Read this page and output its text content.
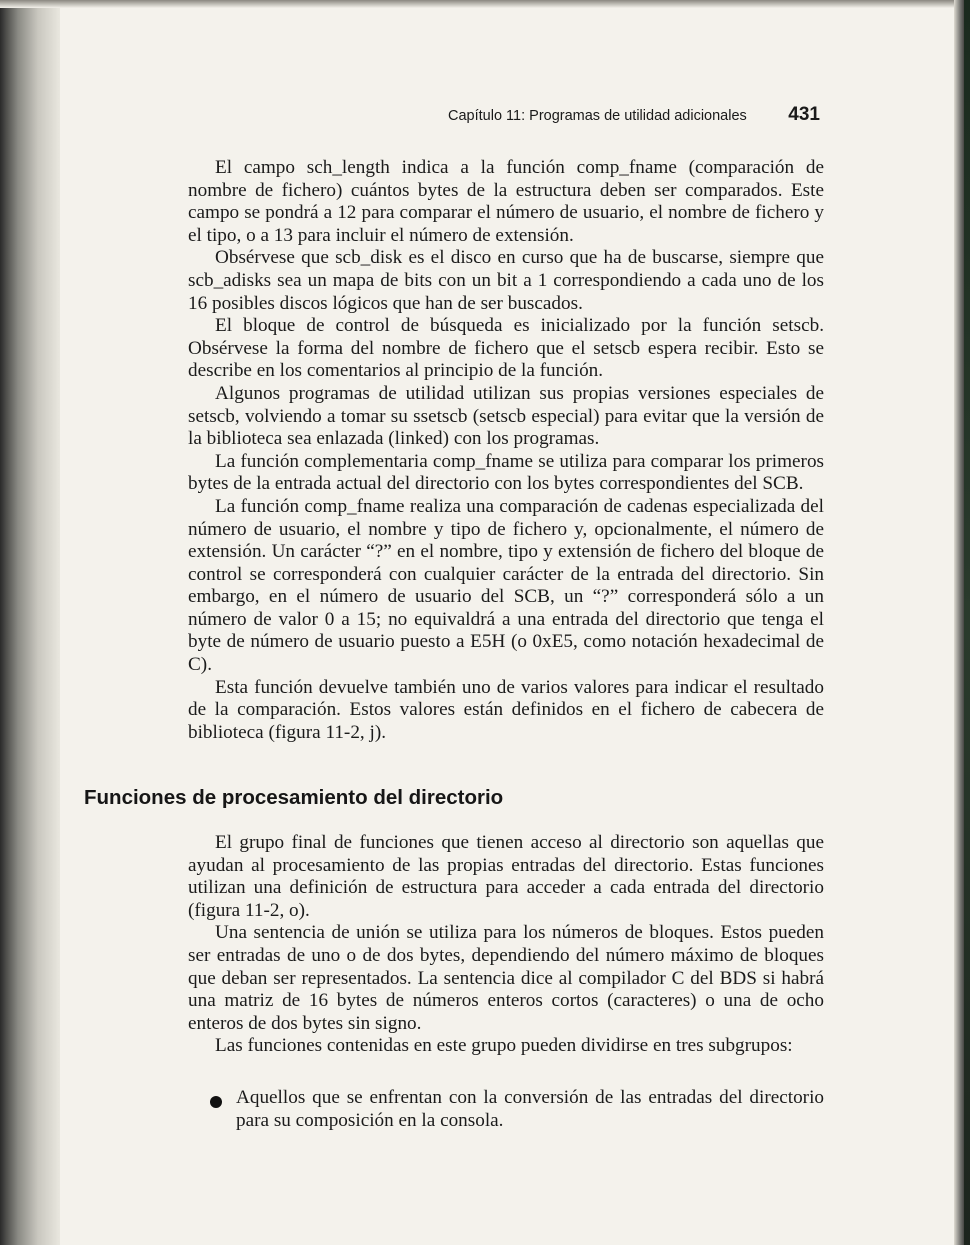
Capítulo 11: Programas de utilidad adicionales 431

El campo sch_length indica a la función comp_fname (comparación de nombre de fichero) cuántos bytes de la estructura deben ser comparados. Este campo se pondrá a 12 para comparar el número de usuario, el nombre de fichero y el tipo, o a 13 para incluir el número de extensión.

Obsérvese que scb_disk es el disco en curso que ha de buscarse, siempre que scb_adisks sea un mapa de bits con un bit a 1 correspondiendo a cada uno de los 16 posibles discos lógicos que han de ser buscados.

El bloque de control de búsqueda es inicializado por la función setscb. Obsérvese la forma del nombre de fichero que el setscb espera recibir. Esto se describe en los comentarios al principio de la función.

Algunos programas de utilidad utilizan sus propias versiones especiales de setscb, volviendo a tomar su ssetscb (setscb especial) para evitar que la versión de la biblioteca sea enlazada (linked) con los programas.

La función complementaria comp_fname se utiliza para comparar los primeros bytes de la entrada actual del directorio con los bytes correspondientes del SCB.

La función comp_fname realiza una comparación de cadenas especializada del número de usuario, el nombre y tipo de fichero y, opcionalmente, el número de extensión. Un carácter “?” en el nombre, tipo y extensión de fichero del bloque de control se corresponderá con cualquier carácter de la entrada del directorio. Sin embargo, en el número de usuario del SCB, un “?” corresponderá sólo a un número de valor 0 a 15; no equivaldrá a una entrada del directorio que tenga el byte de número de usuario puesto a E5H (o 0xE5, como notación hexadecimal de C).

Esta función devuelve también uno de varios valores para indicar el resultado de la comparación. Estos valores están definidos en el fichero de cabecera de biblioteca (figura 11-2, j).

Funciones de procesamiento del directorio

El grupo final de funciones que tienen acceso al directorio son aquellas que ayudan al procesamiento de las propias entradas del directorio. Estas funciones utilizan una definición de estructura para acceder a cada entrada del directorio (figura 11-2, o).

Una sentencia de unión se utiliza para los números de bloques. Estos pueden ser entradas de uno o de dos bytes, dependiendo del número máximo de bloques que deban ser representados. La sentencia dice al compilador C del BDS si habrá una matriz de 16 bytes de números enteros cortos (caracteres) o una de ocho enteros de dos bytes sin signo.

Las funciones contenidas en este grupo pueden dividirse en tres subgrupos:

Aquellos que se enfrentan con la conversión de las entradas del directorio para su composición en la consola.
